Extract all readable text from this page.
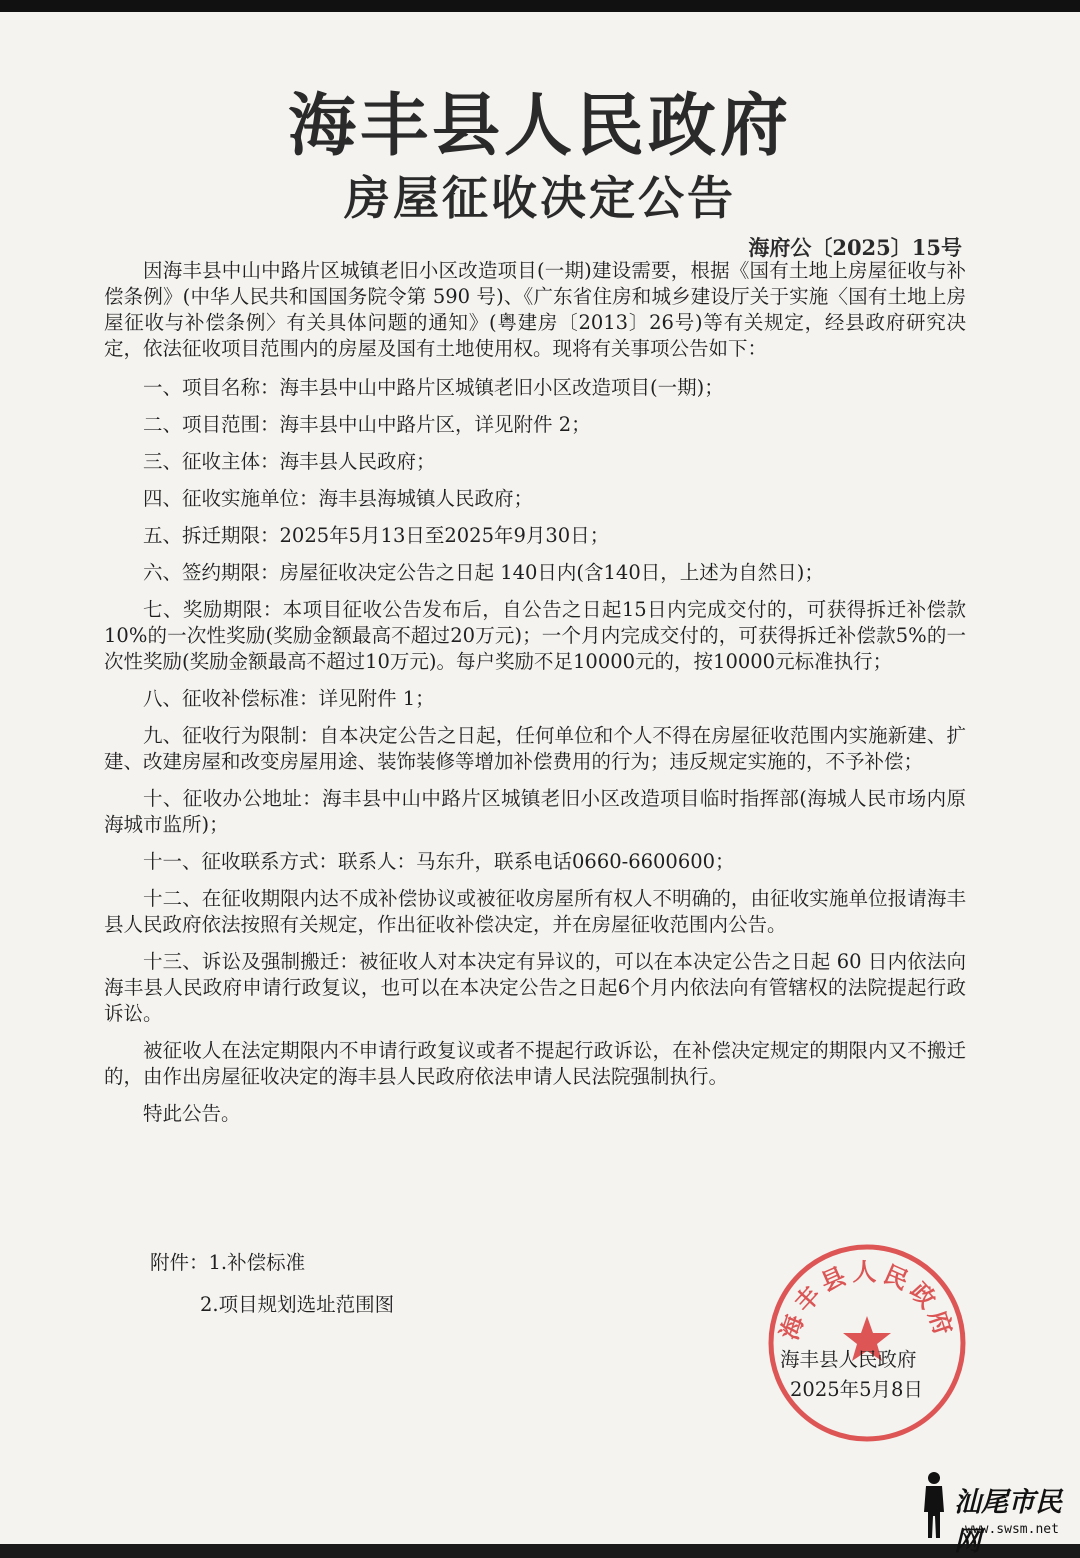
海丰县人民政府
房屋征收决定公告
海府公〔2025〕15号

因海丰县中山中路片区城镇老旧小区改造项目(一期)建设需要，根据《国有土地上房屋征收与补偿条例》(中华人民共和国国务院令第 590 号)、《广东省住房和城乡建设厅关于实施〈国有土地上房屋征收与补偿条例〉有关具体问题的通知》(粤建房〔2013〕26号)等有关规定，经县政府研究决定，依法征收项目范围内的房屋及国有土地使用权。现将有关事项公告如下：

一、项目名称：海丰县中山中路片区城镇老旧小区改造项目(一期)；

二、项目范围：海丰县中山中路片区，详见附件 2；

三、征收主体：海丰县人民政府；

四、征收实施单位：海丰县海城镇人民政府；

五、拆迁期限：2025年5月13日至2025年9月30日；

六、签约期限：房屋征收决定公告之日起 140日内(含140日，上述为自然日)；

七、奖励期限：本项目征收公告发布后，自公告之日起15日内完成交付的，可获得拆迁补偿款10%的一次性奖励(奖励金额最高不超过20万元)；一个月内完成交付的，可获得拆迁补偿款5%的一次性奖励(奖励金额最高不超过10万元)。每户奖励不足10000元的，按10000元标准执行；

八、征收补偿标准：详见附件 1；

九、征收行为限制：自本决定公告之日起，任何单位和个人不得在房屋征收范围内实施新建、扩建、改建房屋和改变房屋用途、装饰装修等增加补偿费用的行为；违反规定实施的，不予补偿；

十、征收办公地址：海丰县中山中路片区城镇老旧小区改造项目临时指挥部(海城人民市场内原海城市监所)；

十一、征收联系方式：联系人：马东升，联系电话0660-6600600；

十二、在征收期限内达不成补偿协议或被征收房屋所有权人不明确的，由征收实施单位报请海丰县人民政府依法按照有关规定，作出征收补偿决定，并在房屋征收范围内公告。

十三、诉讼及强制搬迁：被征收人对本决定有异议的，可以在本决定公告之日起 60 日内依法向海丰县人民政府申请行政复议，也可以在本决定公告之日起6个月内依法向有管辖权的法院提起行政诉讼。

被征收人在法定期限内不申请行政复议或者不提起行政诉讼，在补偿决定规定的期限内又不搬迁的，由作出房屋征收决定的海丰县人民政府依法申请人民法院强制执行。

特此公告。

附件：1.补偿标准
2.项目规划选址范围图
海丰县人民政府
海丰县人民政府
2025年5月8日
汕尾市民网
www.swsm.net
